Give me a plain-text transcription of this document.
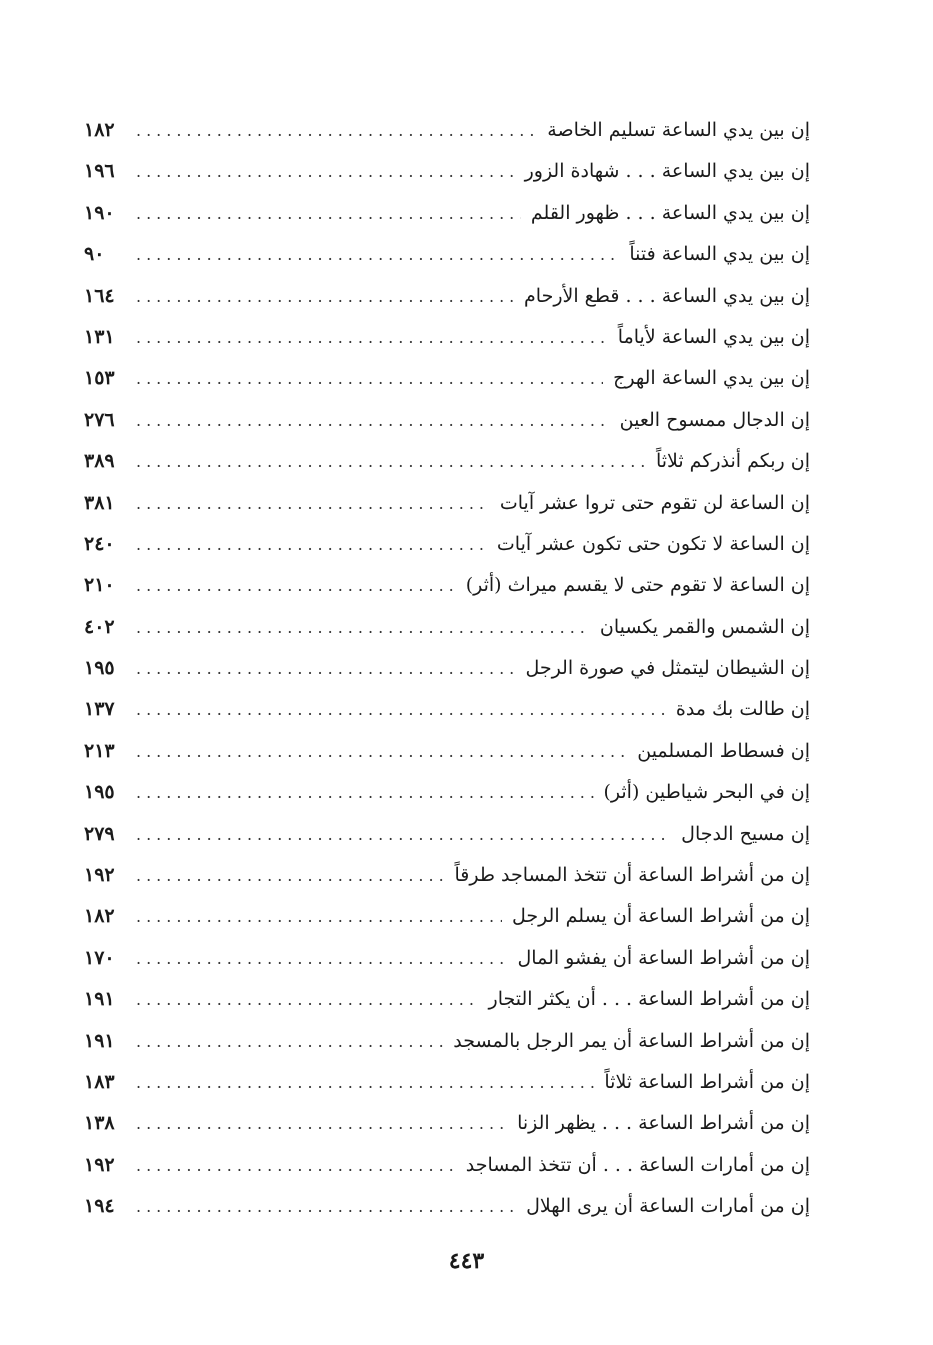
إن بين يدي الساعة تسليم الخاصة
.....
١٨٢
إن بين يدي الساعة . . . شهادة الزور
.....
١٩٦
إن بين يدي الساعة . . . ظهور القلم
.....
١٩٠
إن بين يدي الساعة فتناً
.....
٩٠
إن بين يدي الساعة . . . قطع الأرحام
.....
١٦٤
إن بين يدي الساعة لأياماً
.....
١٣١
إن بين يدي الساعة الهرج
.....
١٥٣
إن الدجال ممسوح العين
.....
٢٧٦
إن ربكم أنذركم ثلاثاً
.....
٣٨٩
إن الساعة لن تقوم حتى تروا عشر آيات
.....
٣٨١
إن الساعة لا تكون حتى تكون عشر آيات
.....
٢٤٠
إن الساعة لا تقوم حتى لا يقسم ميراث (أثر)
.....
٢١٠
إن الشمس والقمر يكسيان
.....
٤٠٢
إن الشيطان ليتمثل في صورة الرجل
.....
١٩٥
إن طالت بك مدة
.....
١٣٧
إن فسطاط المسلمين
.....
٢١٣
إن في البحر شياطين (أثر)
.....
١٩٥
إن مسيح الدجال
.....
٢٧٩
إن من أشراط الساعة أن تتخذ المساجد طرقاً
.....
١٩٢
إن من أشراط الساعة أن يسلم الرجل
.....
١٨٢
إن من أشراط الساعة أن يفشو المال
.....
١٧٠
إن من أشراط الساعة . . . أن يكثر التجار
.....
١٩١
إن من أشراط الساعة أن يمر الرجل بالمسجد
.....
١٩١
إن من أشراط الساعة ثلاثاً
.....
١٨٣
إن من أشراط الساعة . . . يظهر الزنا
.....
١٣٨
إن من أمارات الساعة . . . أن تتخذ المساجد
.....
١٩٢
إن من أمارات الساعة أن يرى الهلال
.....
١٩٤
٤٤٣
